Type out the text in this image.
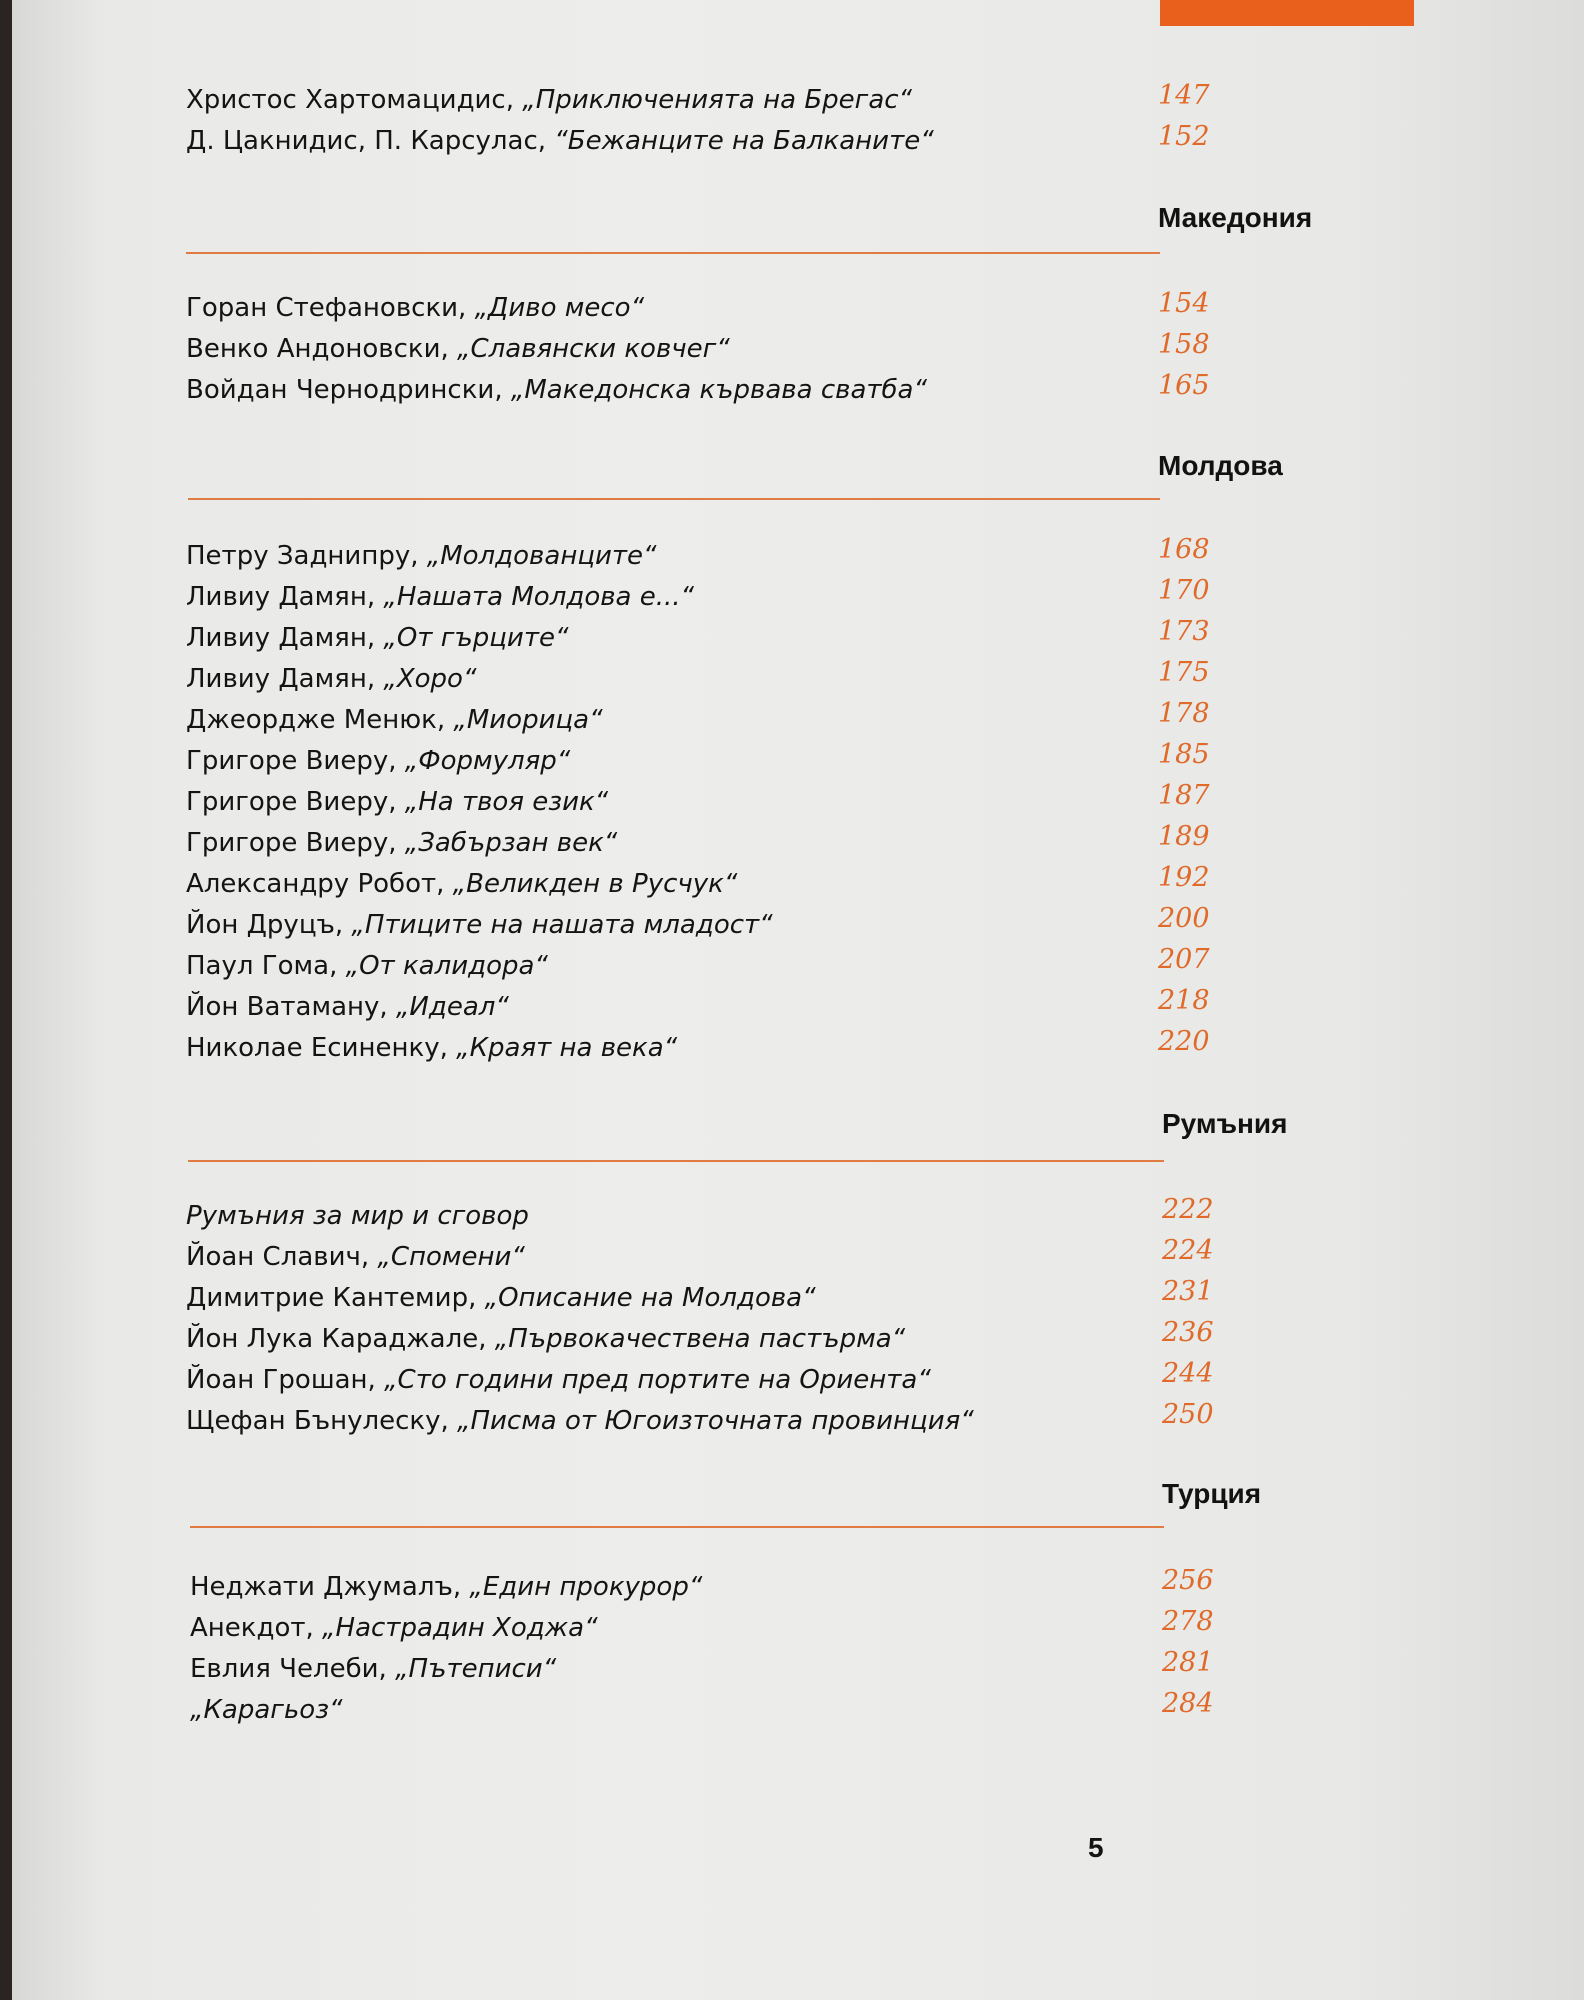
Христос Хартомацидис, „Приключенията на Брегас“	147
Д. Цакнидис, П. Карсулас, “Бежанците на Балканите“	152
Македония
Горан Стефановски, „Диво месо“	154
Венко Андоновски, „Славянски ковчег“	158
Войдан Чернодрински, „Македонска кървава сватба“	165
Молдова
Петру Заднипру, „Молдованците“	168
Ливиу Дамян, „Нашата Молдова е...“	170
Ливиу Дамян, „От гърците“	173
Ливиу Дамян, „Хоро“	175
Джеордже Менюк, „Миорица“	178
Григоре Виеру, „Формуляр“	185
Григоре Виеру, „На твоя език“	187
Григоре Виеру, „Забързан век“	189
Александру Робот, „Великден в Русчук“	192
Йон Друцъ, „Птиците на нашата младост“	200
Паул Гома, „От калидора“	207
Йон Ватаману, „Идеал“	218
Николае Есиненку, „Краят на века“	220
Румъния
Румъния за мир и сговор	222
Йоан Славич, „Спомени“	224
Димитрие Кантемир, „Описание на Молдова“	231
Йон Лука Караджале, „Първокачествена пастърма“	236
Йоан Грошан, „Сто години пред портите на Ориента“	244
Щефан Бънулеску, „Писма от Югоизточната провинция“	250
Турция
Неджати Джумалъ, „Един прокурор“	256
Анекдот, „Настрадин Ходжа“	278
Евлия Челеби, „Пътеписи“	281
„Карагьоз“	284
5
